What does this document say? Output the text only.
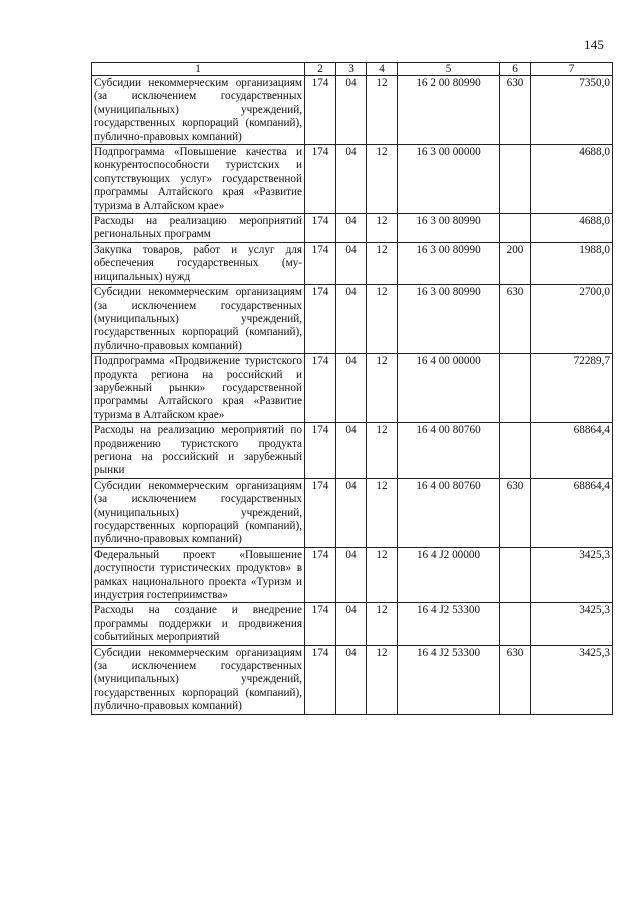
145
1	2	3	4	5	6	7
Субсидии некоммерческим организациям (за исключением государственных (муниципальных) учреждений, государственных корпораций (компаний), публично-правовых компаний)	174	04	12	16 2 00 80990	630	7350,0
Подпрограмма «Повышение качества и конкурентоспособности туристских и сопутствующих услуг» государственной программы Алтайского края «Развитие туризма в Алтайском крае»	174	04	12	16 3 00 00000		4688,0
Расходы на реализацию мероприятий региональных программ	174	04	12	16 3 00 80990		4688,0
Закупка товаров, работ и услуг для обеспечения государственных (муниципальных) нужд	174	04	12	16 3 00 80990	200	1988,0
Субсидии некоммерческим организациям (за исключением государственных (муниципальных) учреждений, государственных корпораций (компаний), публично-правовых компаний)	174	04	12	16 3 00 80990	630	2700,0
Подпрограмма «Продвижение туристского продукта региона на российский и зарубежный рынки» государственной программы Алтайского края «Развитие туризма в Алтайском крае»	174	04	12	16 4 00 00000		72289,7
Расходы на реализацию мероприятий по продвижению туристского продукта региона на российский и зарубежный рынки	174	04	12	16 4 00 80760		68864,4
Субсидии некоммерческим организациям (за исключением государственных (муниципальных) учреждений, государственных корпораций (компаний), публично-правовых компаний)	174	04	12	16 4 00 80760	630	68864,4
Федеральный проект «Повышение доступности туристических продуктов» в рамках национального проекта «Туризм и индустрия гостеприимства»	174	04	12	16 4 J2 00000		3425,3
Расходы на создание и внедрение программы поддержки и продвижения событийных мероприятий	174	04	12	16 4 J2 53300		3425,3
Субсидии некоммерческим организациям (за исключением государственных (муниципальных) учреждений, государственных корпораций (компаний), публично-правовых компаний)	174	04	12	16 4 J2 53300	630	3425,3
